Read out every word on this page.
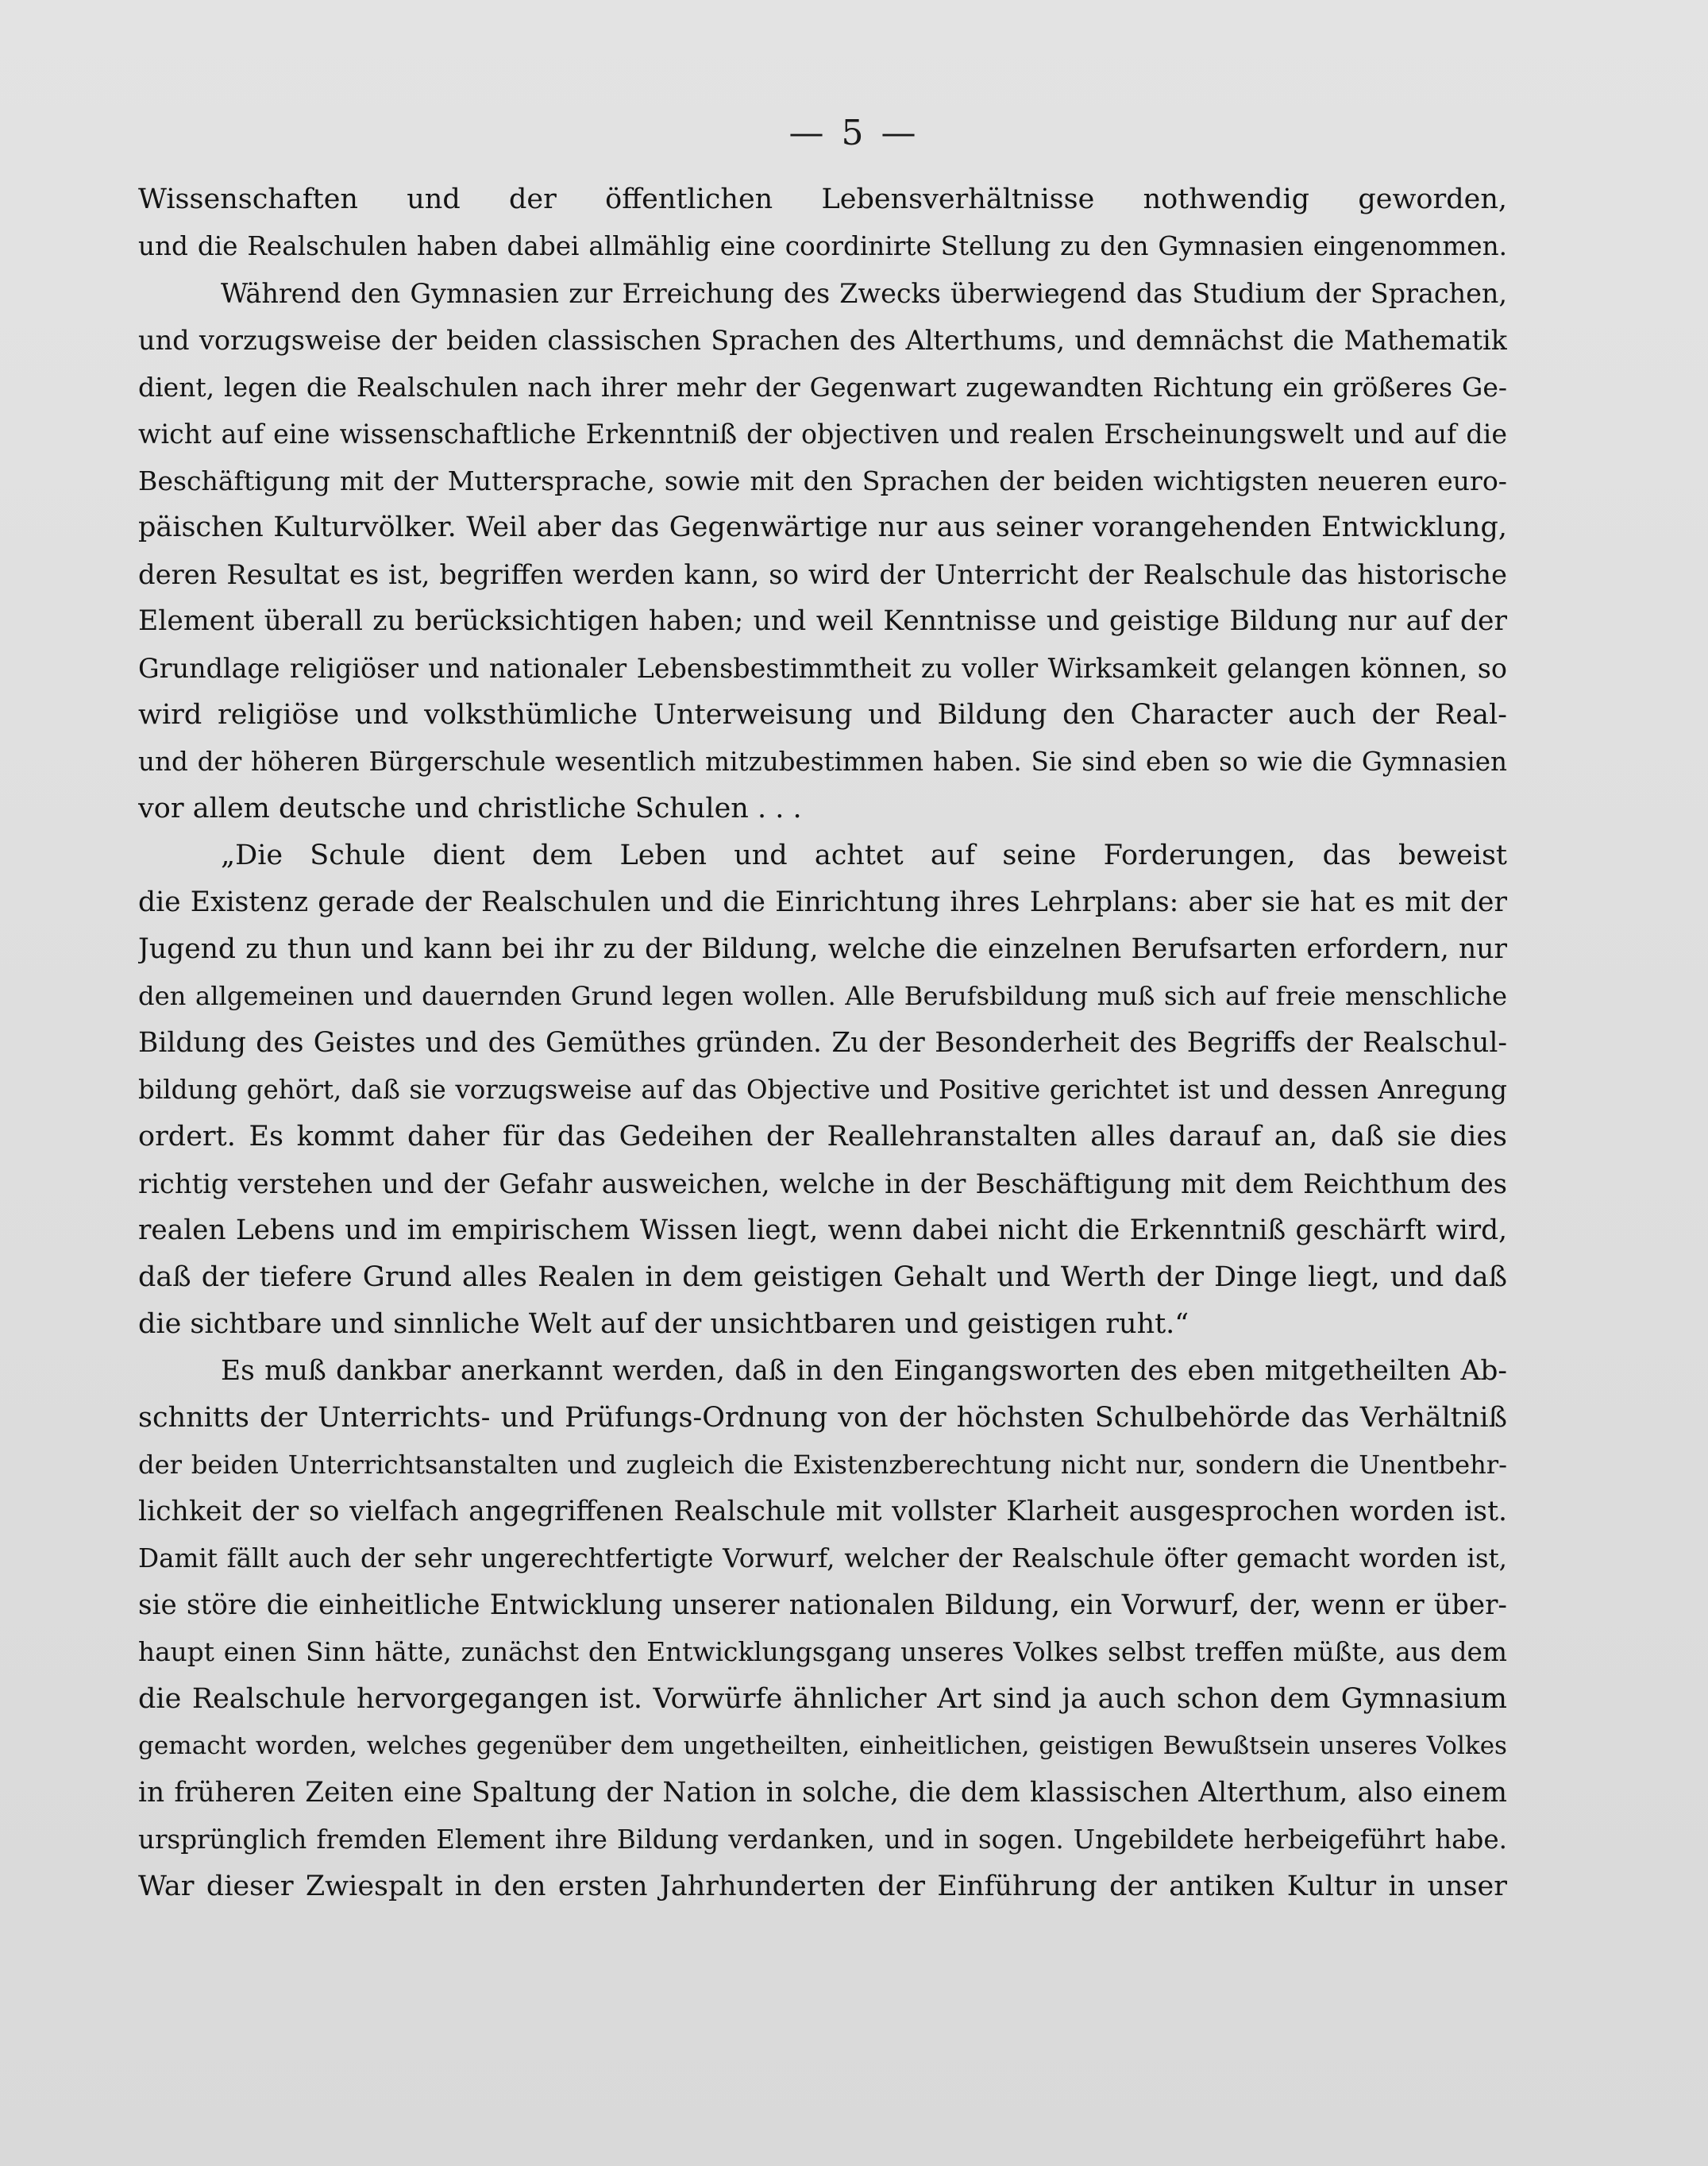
— 5 —

Wissenschaften und der öffentlichen Lebensverhältnisse nothwendig geworden,

und die Realschulen haben dabei allmählig eine coordinirte Stellung zu den Gymnasien eingenommen.

Während den Gymnasien zur Erreichung des Zwecks überwiegend das Studium der Sprachen,

und vorzugsweise der beiden classischen Sprachen des Alterthums, und demnächst die Mathematik

dient, legen die Realschulen nach ihrer mehr der Gegenwart zugewandten Richtung ein größeres Ge-

wicht auf eine wissenschaftliche Erkenntniß der objectiven und realen Erscheinungswelt und auf die

Beschäftigung mit der Muttersprache, sowie mit den Sprachen der beiden wichtigsten neueren euro-

päischen Kulturvölker. Weil aber das Gegenwärtige nur aus seiner vorangehenden Entwicklung,

deren Resultat es ist, begriffen werden kann, so wird der Unterricht der Realschule das historische

Element überall zu berücksichtigen haben; und weil Kenntnisse und geistige Bildung nur auf der

Grundlage religiöser und nationaler Lebensbestimmtheit zu voller Wirksamkeit gelangen können, so

wird religiöse und volksthümliche Unterweisung und Bildung den Character auch der Real-

und der höheren Bürgerschule wesentlich mitzubestimmen haben. Sie sind eben so wie die Gymnasien

vor allem deutsche und christliche Schulen . . .

„Die Schule dient dem Leben und achtet auf seine Forderungen, das beweist

die Existenz gerade der Realschulen und die Einrichtung ihres Lehrplans: aber sie hat es mit der

Jugend zu thun und kann bei ihr zu der Bildung, welche die einzelnen Berufsarten erfordern, nur

den allgemeinen und dauernden Grund legen wollen. Alle Berufsbildung muß sich auf freie menschliche

Bildung des Geistes und des Gemüthes gründen. Zu der Besonderheit des Begriffs der Realschul-

bildung gehört, daß sie vorzugsweise auf das Objective und Positive gerichtet ist und dessen Anregung

ordert. Es kommt daher für das Gedeihen der Reallehranstalten alles darauf an, daß sie dies

richtig verstehen und der Gefahr ausweichen, welche in der Beschäftigung mit dem Reichthum des

realen Lebens und im empirischem Wissen liegt, wenn dabei nicht die Erkenntniß geschärft wird,

daß der tiefere Grund alles Realen in dem geistigen Gehalt und Werth der Dinge liegt, und daß

die sichtbare und sinnliche Welt auf der unsichtbaren und geistigen ruht.“

Es muß dankbar anerkannt werden, daß in den Eingangsworten des eben mitgetheilten Ab-

schnitts der Unterrichts- und Prüfungs-Ordnung von der höchsten Schulbehörde das Verhältniß

der beiden Unterrichtsanstalten und zugleich die Existenzberechtung nicht nur, sondern die Unentbehr-

lichkeit der so vielfach angegriffenen Realschule mit vollster Klarheit ausgesprochen worden ist.

Damit fällt auch der sehr ungerechtfertigte Vorwurf, welcher der Realschule öfter gemacht worden ist,

sie störe die einheitliche Entwicklung unserer nationalen Bildung, ein Vorwurf, der, wenn er über-

haupt einen Sinn hätte, zunächst den Entwicklungsgang unseres Volkes selbst treffen müßte, aus dem

die Realschule hervorgegangen ist. Vorwürfe ähnlicher Art sind ja auch schon dem Gymnasium

gemacht worden, welches gegenüber dem ungetheilten, einheitlichen, geistigen Bewußtsein unseres Volkes

in früheren Zeiten eine Spaltung der Nation in solche, die dem klassischen Alterthum, also einem

ursprünglich fremden Element ihre Bildung verdanken, und in sogen. Ungebildete herbeigeführt habe.

War dieser Zwiespalt in den ersten Jahrhunderten der Einführung der antiken Kultur in unser
